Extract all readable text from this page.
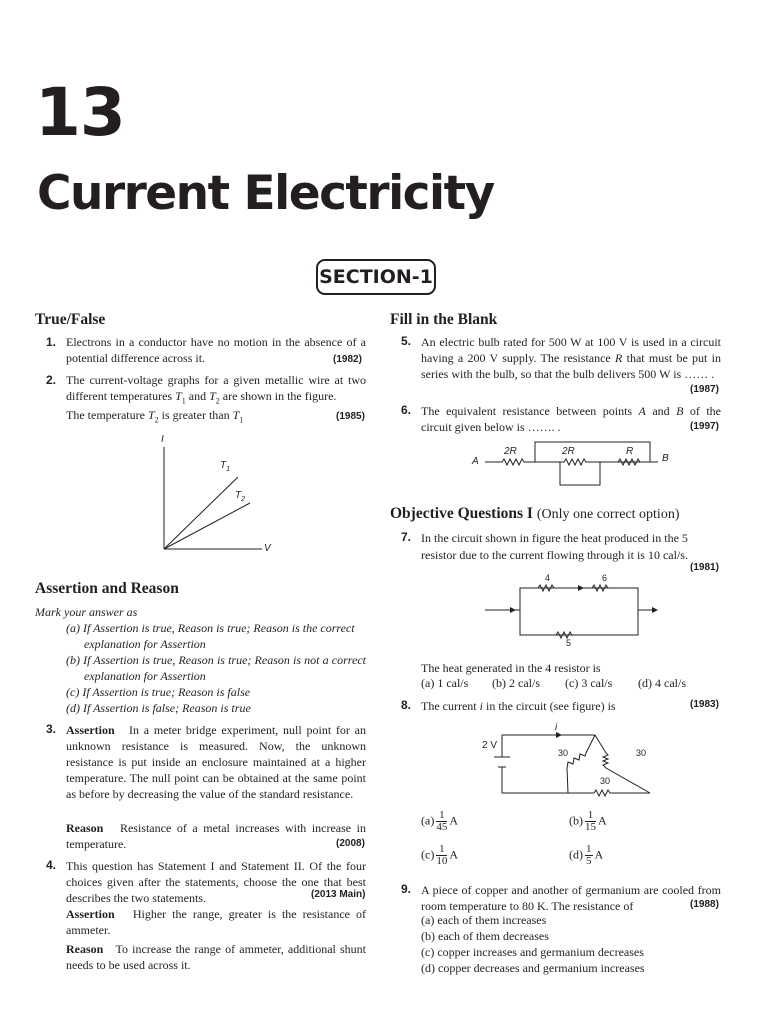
13
Current Electricity
SECTION-1
True/False
1. Electrons in a conductor have no motion in the absence of a potential difference across it.	(1982)
2. The current-voltage graphs for a given metallic wire at two different temperatures $T_1$ and $T_2$ are shown in the figure.
The temperature $T_2$ is greater than $T_1$	(1985)
I
V
$T_1$
$T_2$
Assertion and Reason
Mark your answer as
(a) If Assertion is true, Reason is true; Reason is the correct explanation for Assertion
(b) If Assertion is true, Reason is true; Reason is not a correct explanation for Assertion
(c) If Assertion is true; Reason is false
(d) If Assertion is false; Reason is true
3. Assertion In a meter bridge experiment, null point for an unknown resistance is measured. Now, the unknown resistance is put inside an enclosure maintained at a higher temperature. The null point can be obtained at the same point as before by decreasing the value of the standard resistance.
Reason Resistance of a metal increases with increase in temperature.	(2008)
4. This question has Statement I and Statement II. Of the four choices given after the statements, choose the one that best describes the two statements.	(2013 Main)
Assertion Higher the range, greater is the resistance of ammeter.
Reason To increase the range of ammeter, additional shunt needs to be used across it.
Fill in the Blank
5. An electric bulb rated for 500 W at 100 V is used in a circuit having a 200 V supply. The resistance R that must be put in series with the bulb, so that the bulb delivers 500 W is …… .
(1987)
6. The equivalent resistance between points A and B of the circuit given below is ……. .	(1997)
A	B
2R	2R	R
Objective Questions I (Only one correct option)
7. In the circuit shown in figure the heat produced in the 5 resistor due to the current flowing through it is 10 cal/s.
(1981)
4	6
5
The heat generated in the 4 resistor is
(a) 1 cal/s (b) 2 cal/s (c) 3 cal/s (d) 4 cal/s
8. The current i in the circuit (see figure) is	(1983)
2 V
i
30	30
30
$(a) \frac{1}{45}$ A	$(b) \frac{1}{15}$ A
$(c) \frac{1}{10}$ A	$(d) \frac{1}{5}$ A
9. A piece of copper and another of germanium are cooled from room temperature to 80 K. The resistance of	(1988)
(a) each of them increases
(b) each of them decreases
(c) copper increases and germanium decreases
(d) copper decreases and germanium increases
